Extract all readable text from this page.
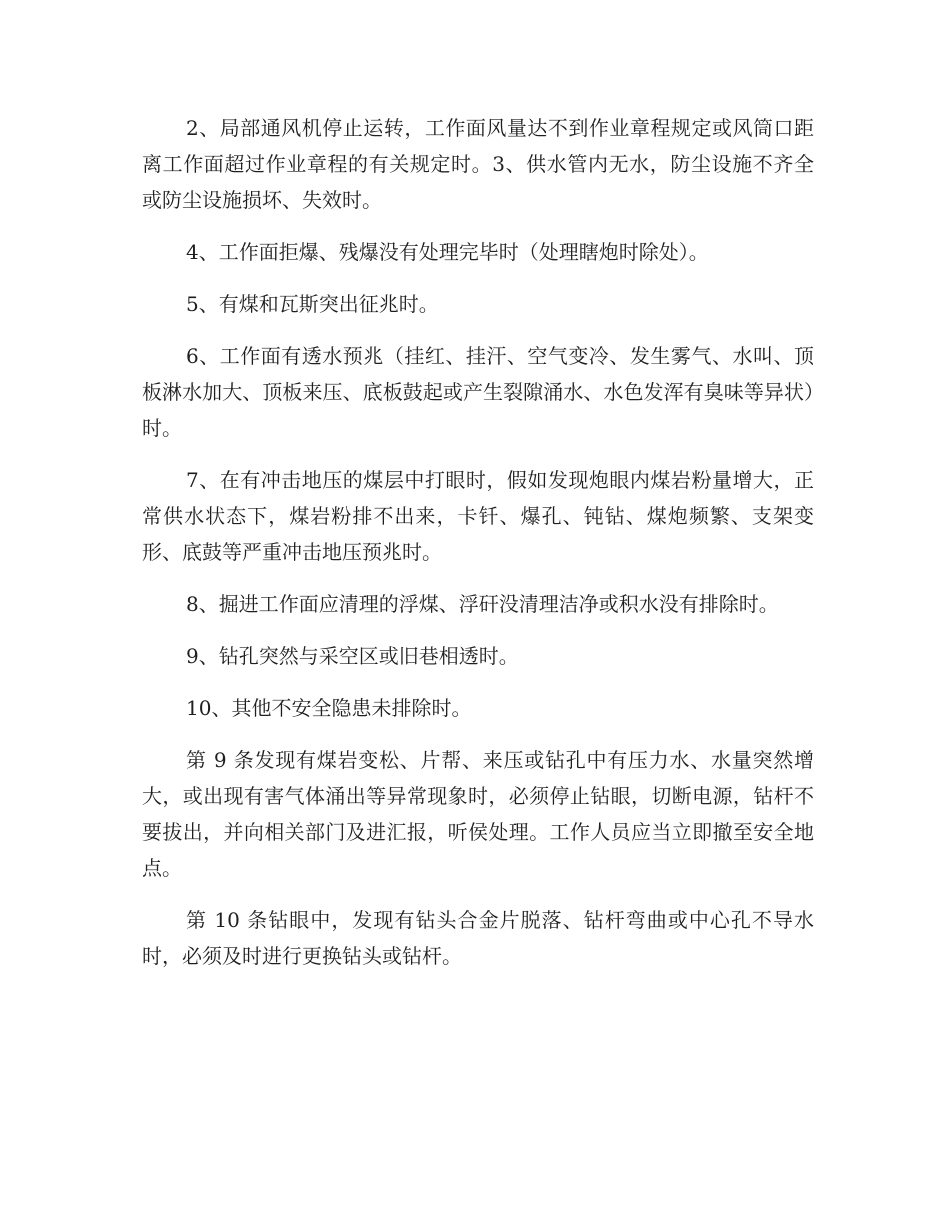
2、局部通风机停止运转，工作面风量达不到作业章程规定或风筒口距离工作面超过作业章程的有关规定时。3、供水管内无水，防尘设施不齐全或防尘设施损坏、失效时。

4、工作面拒爆、残爆没有处理完毕时（处理瞎炮时除处）。

5、有煤和瓦斯突出征兆时。

6、工作面有透水预兆（挂红、挂汗、空气变冷、发生雾气、水叫、顶板淋水加大、顶板来压、底板鼓起或产生裂隙涌水、水色发浑有臭味等异状）时。

7、在有冲击地压的煤层中打眼时，假如发现炮眼内煤岩粉量增大，正常供水状态下，煤岩粉排不出来，卡钎、爆孔、钝钻、煤炮频繁、支架变形、底鼓等严重冲击地压预兆时。

8、掘进工作面应清理的浮煤、浮矸没清理洁净或积水没有排除时。

9、钻孔突然与采空区或旧巷相透时。

10、其他不安全隐患未排除时。

第 9 条发现有煤岩变松、片帮、来压或钻孔中有压力水、水量突然增大，或出现有害气体涌出等异常现象时，必须停止钻眼，切断电源，钻杆不要拔出，并向相关部门及进汇报，听侯处理。工作人员应当立即撤至安全地点。

第 10 条钻眼中，发现有钻头合金片脱落、钻杆弯曲或中心孔不导水时，必须及时进行更换钻头或钻杆。
